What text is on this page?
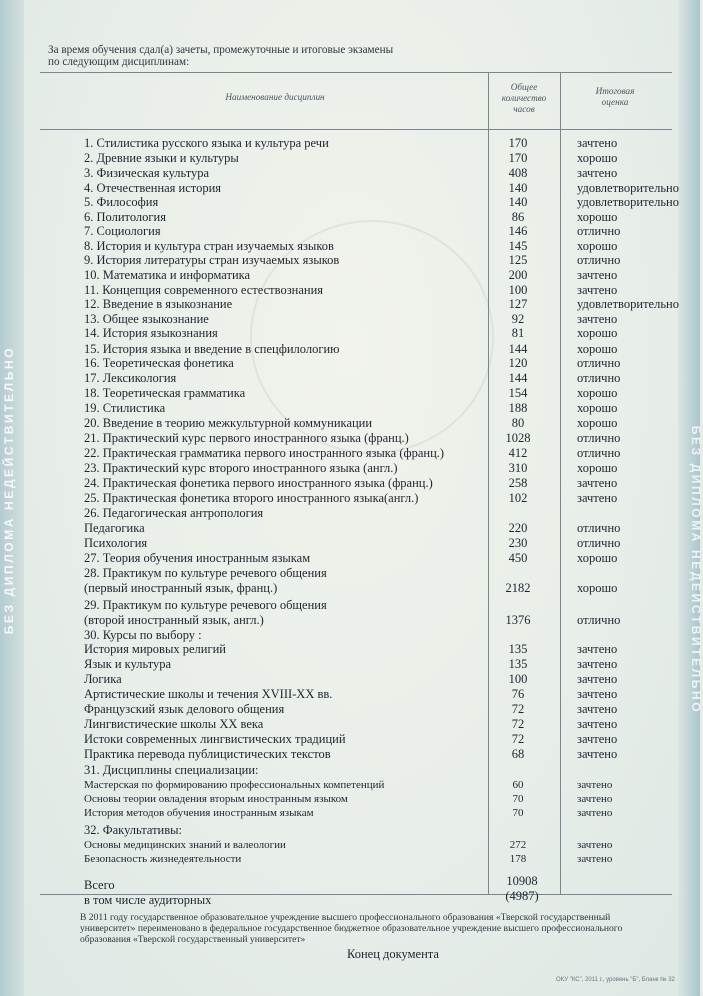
БЕЗ ДИПЛОМА НЕДЕЙСТВИТЕЛЬНО	БЕЗ ДИПЛОМА НЕДЕЙСТВИТЕЛЬНО
За время обучения сдал(а) зачеты, промежуточные и итоговые экзамены
по следующим дисциплинам:
Наименование дисциплин
Общее
количество
часов
Итоговая
оценка
1. Стилистика русского языка и культура речи	170	зачтено
2. Древние языки и культуры	170	хорошо
3. Физическая культура	408	зачтено
4. Отечественная история	140	удовлетворительно
5. Философия	140	удовлетворительно
6. Политология	86	хорошо
7. Социология	146	отлично
8. История и культура стран изучаемых языков	145	хорошо
9. История литературы стран изучаемых языков	125	отлично
10. Математика и информатика	200	зачтено
11. Концепция современного естествознания	100	зачтено
12. Введение в языкознание	127	удовлетворительно
13. Общее языкознание	92	зачтено
14. История языкознания	81	хорошо
15. История языка и введение в спецфилологию	144	хорошо
16. Теоретическая фонетика	120	отлично
17. Лексикология	144	отлично
18. Теоретическая грамматика	154	хорошо
19. Стилистика	188	хорошо
20. Введение в теорию межкультурной коммуникации	80	хорошо
21. Практический курс первого иностранного языка (франц.)	1028	отлично
22. Практическая грамматика первого иностранного языка (франц.)	412	отлично
23. Практический курс второго иностранного языка (англ.)	310	хорошо
24. Практическая фонетика первого иностранного языка (франц.)	258	зачтено
25. Практическая фонетика второго иностранного языка(англ.)	102	зачтено
26. Педагогическая антропология
Педагогика	220	отлично
Психология	230	отлично
27. Теория обучения иностранным языкам	450	хорошо
28. Практикум по культуре речевого общения
(первый иностранный язык, франц.)	2182	хорошо
29. Практикум по культуре речевого общения
(второй иностранный язык, англ.)	1376	отлично
30. Курсы по выбору :
История мировых религий	135	зачтено
Язык и культура	135	зачтено
Логика	100	зачтено
Артистические школы и течения XVIII-XX вв.	76	зачтено
Французский язык делового общения	72	зачтено
Лингвистические школы XX века	72	зачтено
Истоки современных лингвистических традиций	72	зачтено
Практика перевода публицистических текстов	68	зачтено
31. Дисциплины специализации:
Мастерская по формированию профессиональных компетенций	60	зачтено
Основы теории овладения вторым иностранным языком	70	зачтено
История методов обучения иностранным языкам	70	зачтено
32. Факультативы:
Основы медицинских знаний и валеологии	272	зачтено
Безопасность жизнедеятельности	178	зачтено
Всего	10908
в том числе аудиторных	(4987)
В 2011 году государственное образовательное учреждение высшего профессионального образования «Тверской государственный университет» переименовано в федеральное государственное бюджетное образовательное учреждение высшего профессионального образования «Тверской государственный университет»
Конец документа
ОКУ "КС", 2011 г., уровень "Б", Бланк № 32
